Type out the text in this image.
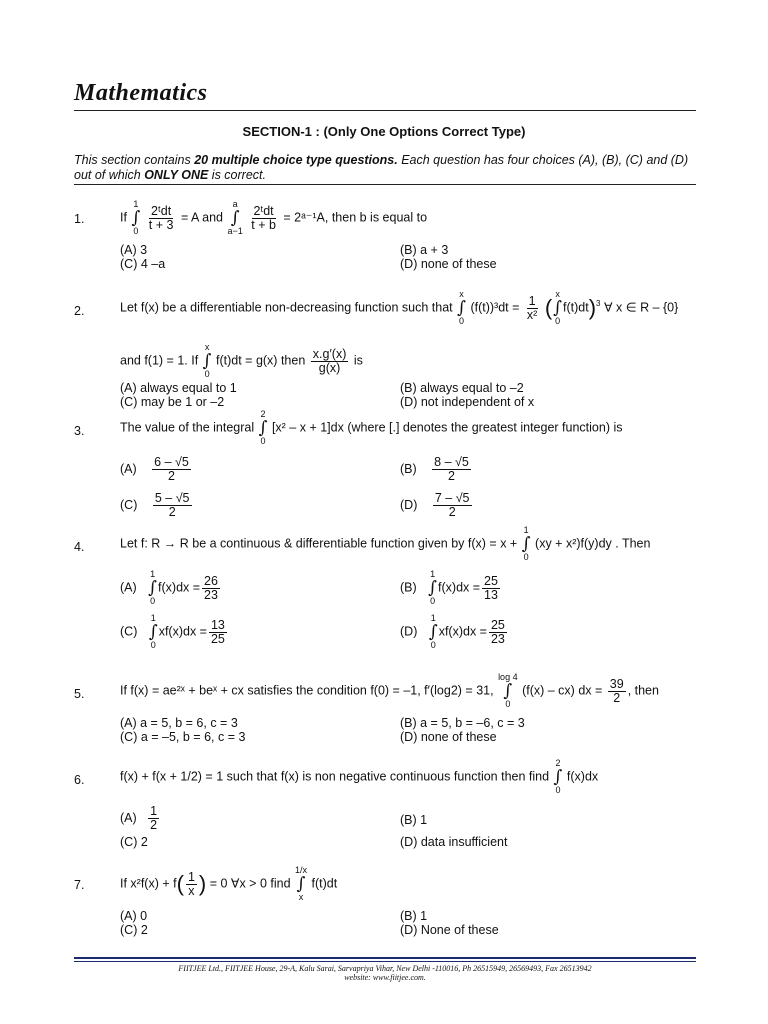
Mathematics
SECTION-1 : (Only One Options Correct Type)
This section contains 20 multiple choice type questions. Each question has four choices (A), (B), (C) and (D) out of which ONLY ONE is correct.
1.	If
1
∫
0
$\frac{\text{2ᵗdt}}{t + 3} = A$ and
a
∫
a−1
$\frac{\text{2ᵗdt}}{t + b}$ = 2ᵃ⁻¹A, then b is equal to
(A) 3	(B) a + 3
(C) 4 –a	(D) none of these
2.	Let f(x) be a differentiable non-decreasing function such that
x
∫
0
$(f(t))^3dt = \frac{1}{\text{x²}}$ (
x
∫
0
f(t)dt)$^3$ ∀ x ∈ R – {0}
and f(1) = 1. If
x
∫
0
f(t)dt = g(x) then $\frac{x.g'(x)}{g(x)}$ is
(A) always equal to 1	(B) always equal to –2
(C) may be 1 or –2	(D) not independent of x
3.	The value of the integral
2
∫
0
[x² – x + 1]dx (where [.] denotes the greatest integer function) is
$(A) \frac{6 - √5}{2}$	$(B) \frac{8 - √5}{2}$
$(C) \frac{5 - √5}{2}$	$(D) \frac{7 - √5}{2}$
4.	Let f: R → R be a continuous & differentiable function given by f(x) = x +
1
∫
0
(xy + x²)f(y)dy . Then
(A)
1
∫
0
$f(x)dx = \frac{26}{23}$	(B)
1
∫
0
$f(x)dx = \frac{25}{13}$
(C)
1
∫
0
$xf(x)dx = \frac{13}{25}$	(D)
1
∫
0
$xf(x)dx = \frac{25}{23}$
5.	If f(x) = ae²ˣ + beˣ + cx satisfies the condition f(0) = –1, f′(log2) = 31,
log 4
∫
0
(f(x) – cx) dx = $\frac{39}{2}$ , then
(A) a = 5, b = 6, c = 3	(B) a = 5, b = –6, c = 3
(C) a = –5, b = 6, c = 3	(D) none of these
6.	f(x) + f(x + 1/2) = 1 such that f(x) is non negative continuous function then find
2
∫
0
f(x)dx
$(A) \frac{1}{2}$	(B) 1
(C) 2	(D) data insufficient
7.	If $x^2f(x) + f( \frac{1}{x}$ ) = 0 ∀x > 0 find
1/x
∫
x
f(t)dt
(A) 0	(B) 1
(C) 2	(D) None of these
FIITJEE Ltd., FIITJEE House, 29-A, Kalu Sarai, Sarvapriya Vihar, New Delhi -110016, Ph 26515949, 26569493, Fax 26513942
website: www.fiitjee.com.
